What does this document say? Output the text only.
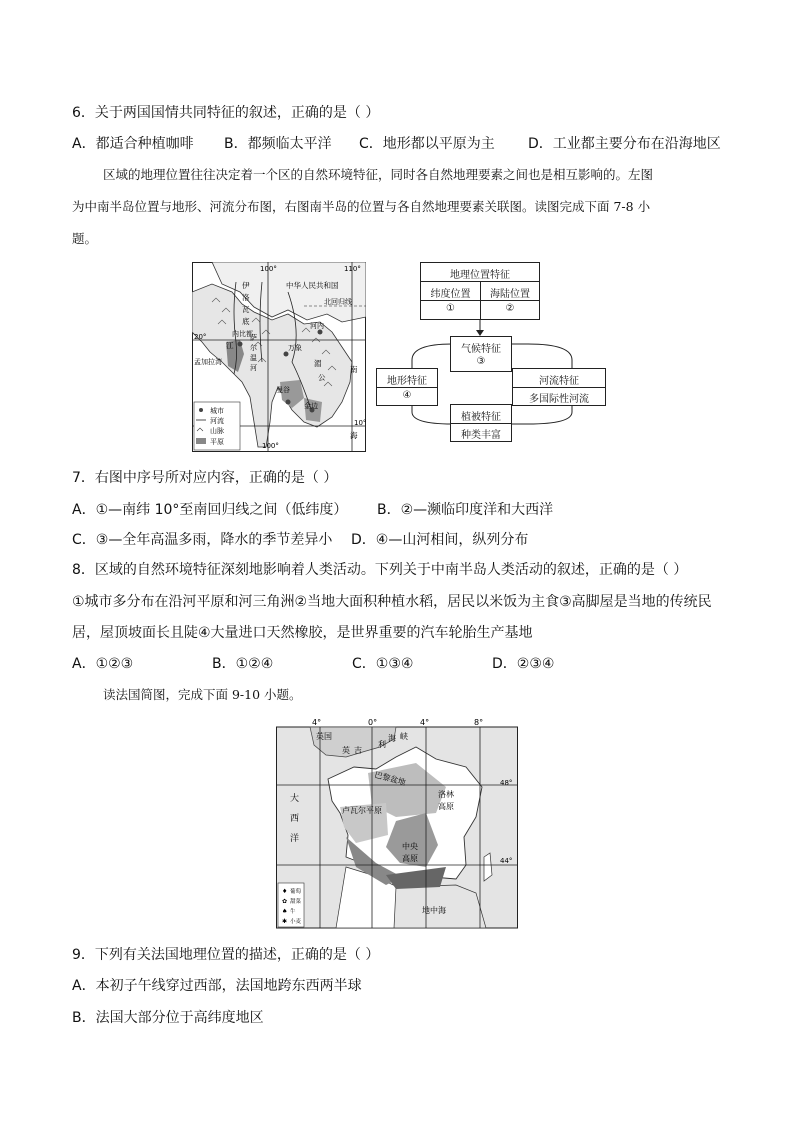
6．关于两国国情共同特征的叙述，正确的是（ ）
A．都适合种植咖啡 B．都频临太平洋 C．地形都以平原为主 D．工业都主要分布在沿海地区
区域的地理位置往往决定着一个区的自然环境特征，同时各自然地理要素之间也是相互影响的。左图
为中南半岛位置与地形、河流分布图，右图南半岛的位置与各自然地理要素关联图。读图完成下面 7-8 小
题。
100°	110°
100°
20°
10°
中华人民共和国
北回归线
伊
洛
瓦
底
江
内比都
孟加拉湾
萨
尔
温
河
河内
万象
湄
公
曼谷
金边
南
海
城市
河流
山脉
平原
地理位置特征
纬度位置
①
海陆位置
②
气候特征
③
地形特征
④
河流特征
多国际性河流
植被特征
种类丰富
7．右图中序号所对应内容，正确的是（ ）
A．①—南纬 10°至南回归线之间（低纬度） B．②—濒临印度洋和大西洋
C．③—全年高温多雨，降水的季节差异小 D．④—山河相间，纵列分布
8．区域的自然环境特征深刻地影响着人类活动。下列关于中南半岛人类活动的叙述，正确的是（ ）
①城市多分布在沿河平原和河三角洲②当地大面积种植水稻，居民以米饭为主食③高脚屋是当地的传统民
居，屋顶坡面长且陡④大量进口天然橡胶，是世界重要的汽车轮胎生产基地
A．①②③	B．①②④	C．①③④	D．②③④
读法国简图，完成下面 9-10 小题。
♦
✿
♠
✱
葡萄
甜菜
牛
小麦
4°	0°	4°	8°
48°
44°
英国
英 吉
利
峡
海
大
西
洋
巴黎盆地
卢瓦尔平原
洛林
高原
中央
高原
地中海
9．下列有关法国地理位置的描述，正确的是（ ）
A．本初子午线穿过西部，法国地跨东西两半球
B．法国大部分位于高纬度地区
